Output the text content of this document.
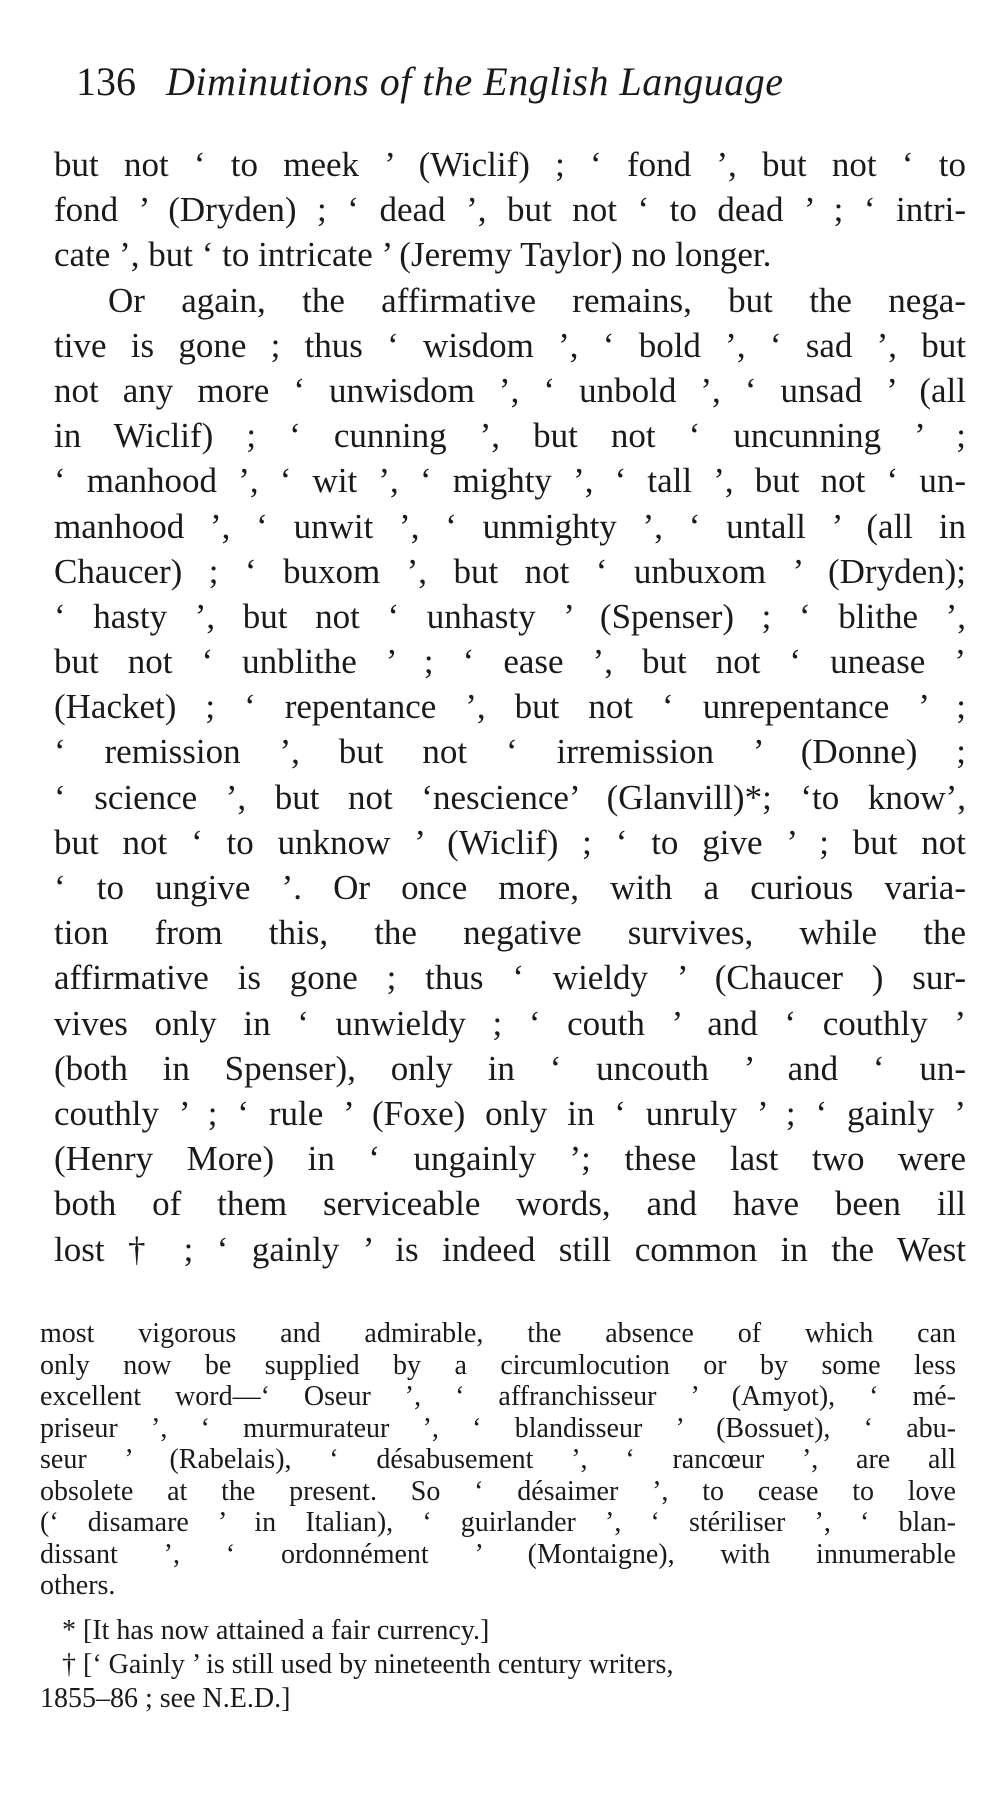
136 Diminutions of the English Language
but not ‘ to meek ’ (Wiclif) ; ‘ fond ’, but not ‘ to
fond ’ (Dryden) ; ‘ dead ’, but not ‘ to dead ’ ; ‘ intri-
cate ’, but ‘ to intricate ’ (Jeremy Taylor) no longer.
Or again, the affirmative remains, but the nega-
tive is gone ; thus ‘ wisdom ’, ‘ bold ’, ‘ sad ’, but
not any more ‘ unwisdom ’, ‘ unbold ’, ‘ unsad ’ (all
in Wiclif) ; ‘ cunning ’, but not ‘ uncunning ’ ;
‘ manhood ’, ‘ wit ’, ‘ mighty ’, ‘ tall ’, but not ‘ un-
manhood ’, ‘ unwit ’, ‘ unmighty ’, ‘ untall ’ (all in
Chaucer) ; ‘ buxom ’, but not ‘ unbuxom ’ (Dryden);
‘ hasty ’, but not ‘ unhasty ’ (Spenser) ; ‘ blithe ’,
but not ‘ unblithe ’ ; ‘ ease ’, but not ‘ unease ’
(Hacket) ; ‘ repentance ’, but not ‘ unrepentance ’ ;
‘ remission ’, but not ‘ irremission ’ (Donne) ;
‘ science ’, but not ‘nescience’ (Glanvill)*; ‘to know’,
but not ‘ to unknow ’ (Wiclif) ; ‘ to give ’ ; but not
‘ to ungive ’. Or once more, with a curious varia-
tion from this, the negative survives, while the
affirmative is gone ; thus ‘ wieldy ’ (Chaucer ) sur-
vives only in ‘ unwieldy ; ‘ couth ’ and ‘ couthly ’
(both in Spenser), only in ‘ uncouth ’ and ‘ un-
couthly ’ ; ‘ rule ’ (Foxe) only in ‘ unruly ’ ; ‘ gainly ’
(Henry More) in ‘ ungainly ’; these last two were
both of them serviceable words, and have been ill
lost † ; ‘ gainly ’ is indeed still common in the West
most vigorous and admirable, the absence of which can
only now be supplied by a circumlocution or by some less
excellent word—‘ Oseur ’, ‘ affranchisseur ’ (Amyot), ‘ mé-
priseur ’, ‘ murmurateur ’, ‘ blandisseur ’ (Bossuet), ‘ abu-
seur ’ (Rabelais), ‘ désabusement ’, ‘ rancœur ’, are all
obsolete at the present. So ‘ désaimer ’, to cease to love
(‘ disamare ’ in Italian), ‘ guirlander ’, ‘ stériliser ’, ‘ blan-
dissant ’, ‘ ordonnément ’ (Montaigne), with innumerable
others.
* [It has now attained a fair currency.]
† [‘ Gainly ’ is still used by nineteenth century writers,
1855–86 ; see N.E.D.]
